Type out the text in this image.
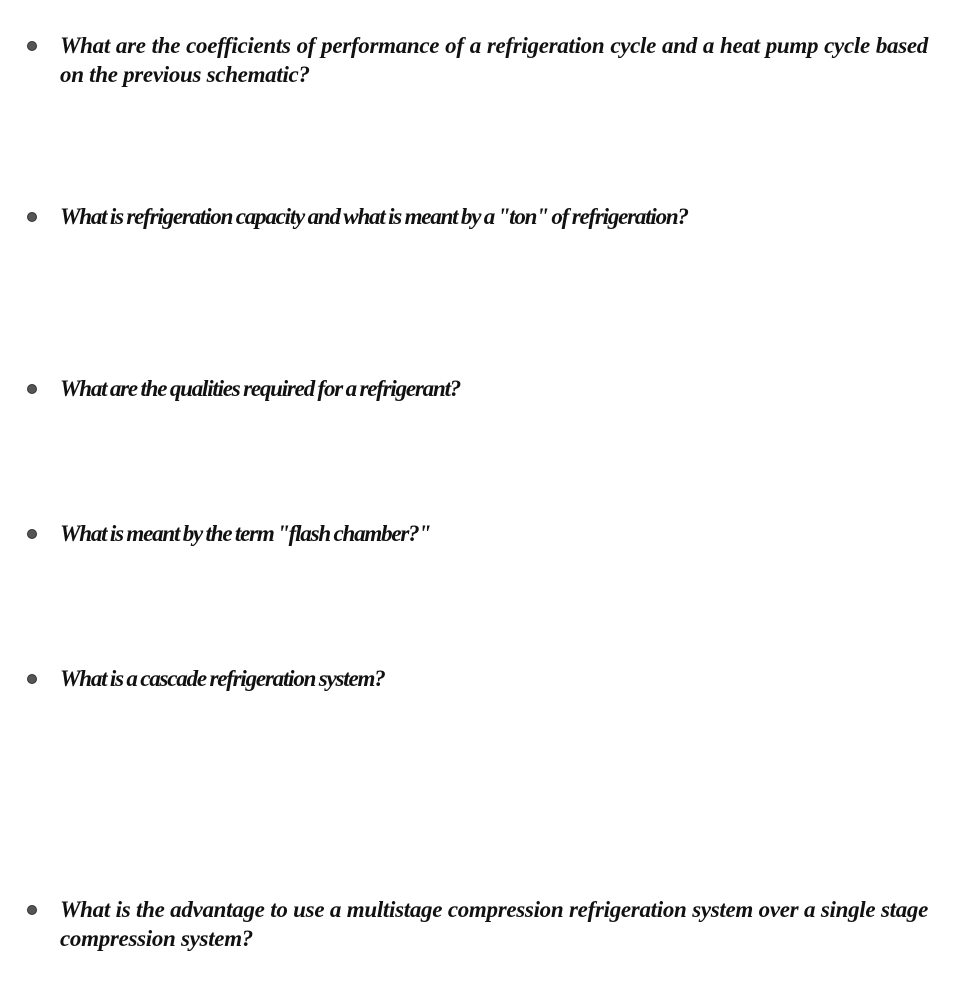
What are the coefficients of performance of a refrigeration cycle and a heat pump cycle based on the previous schematic?
What is refrigeration capacity and what is meant by a "ton" of refrigeration?
What are the qualities required for a refrigerant?
What is meant by the term "flash chamber?"
What is a cascade refrigeration system?
What is the advantage to use a multistage compression refrigeration system over a single stage compression system?
